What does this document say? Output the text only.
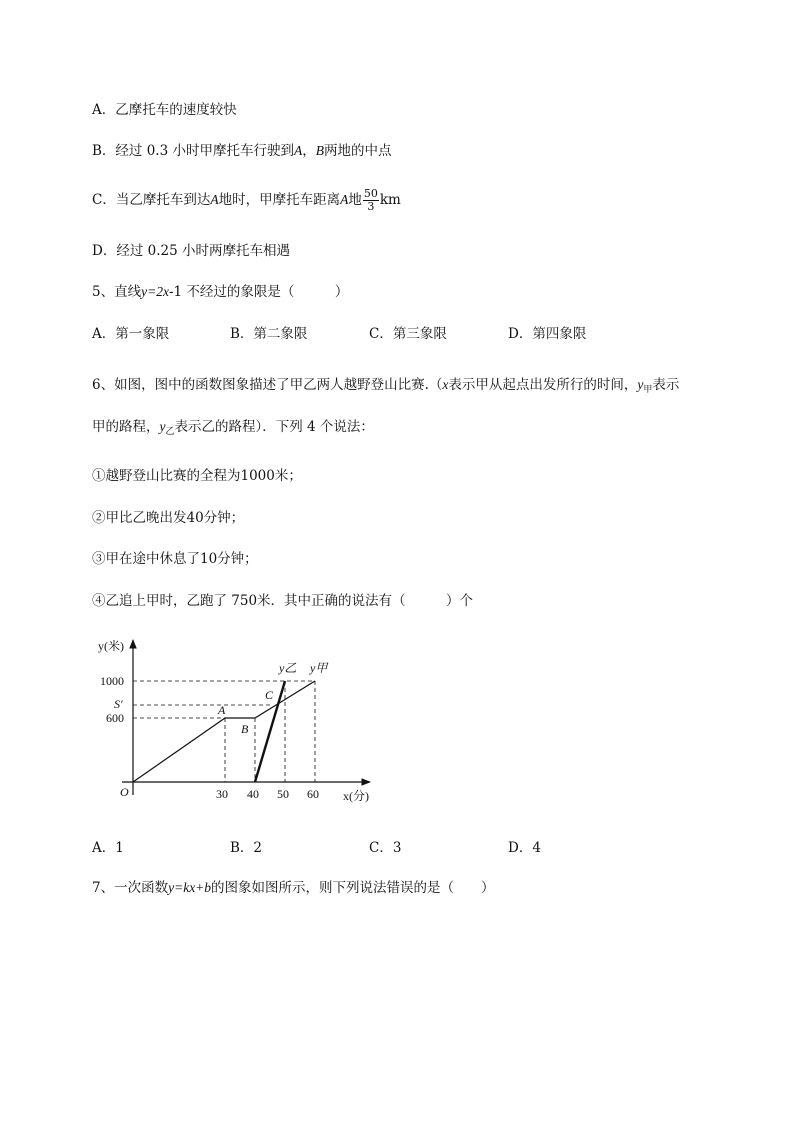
A．乙摩托车的速度较快
B．经过 0.3 小时甲摩托车行驶到A，B两地的中点
C．当乙摩托车到达A地时，甲摩托车距离A地 $\frac{50}{3}$ km
D．经过 0.25 小时两摩托车相遇
5、直线y=2x-1 不经过的象限是（　　　）
A．第一象限	B．第二象限	C．第三象限	D．第四象限
6、如图，图中的函数图象描述了甲乙两人越野登山比赛.（x表示甲从起点出发所行的时间，$y_甲$表示
甲的路程，$y_乙$表示乙的路程）．下列 4 个说法：
①越野登山比赛的全程为1000米；
②甲比乙晚出发40分钟；
③甲在途中休息了10分钟；
④乙追上甲时，乙跑了 750米．其中正确的说法有（　　　）个
y(米)
x(分)
O
1000
S′
600
30 40 50 60
A
B
C
y乙 y甲
A．1	B．2	C．3	D．4
7、一次函数y=kx+b的图象如图所示，则下列说法错误的是（　　）
